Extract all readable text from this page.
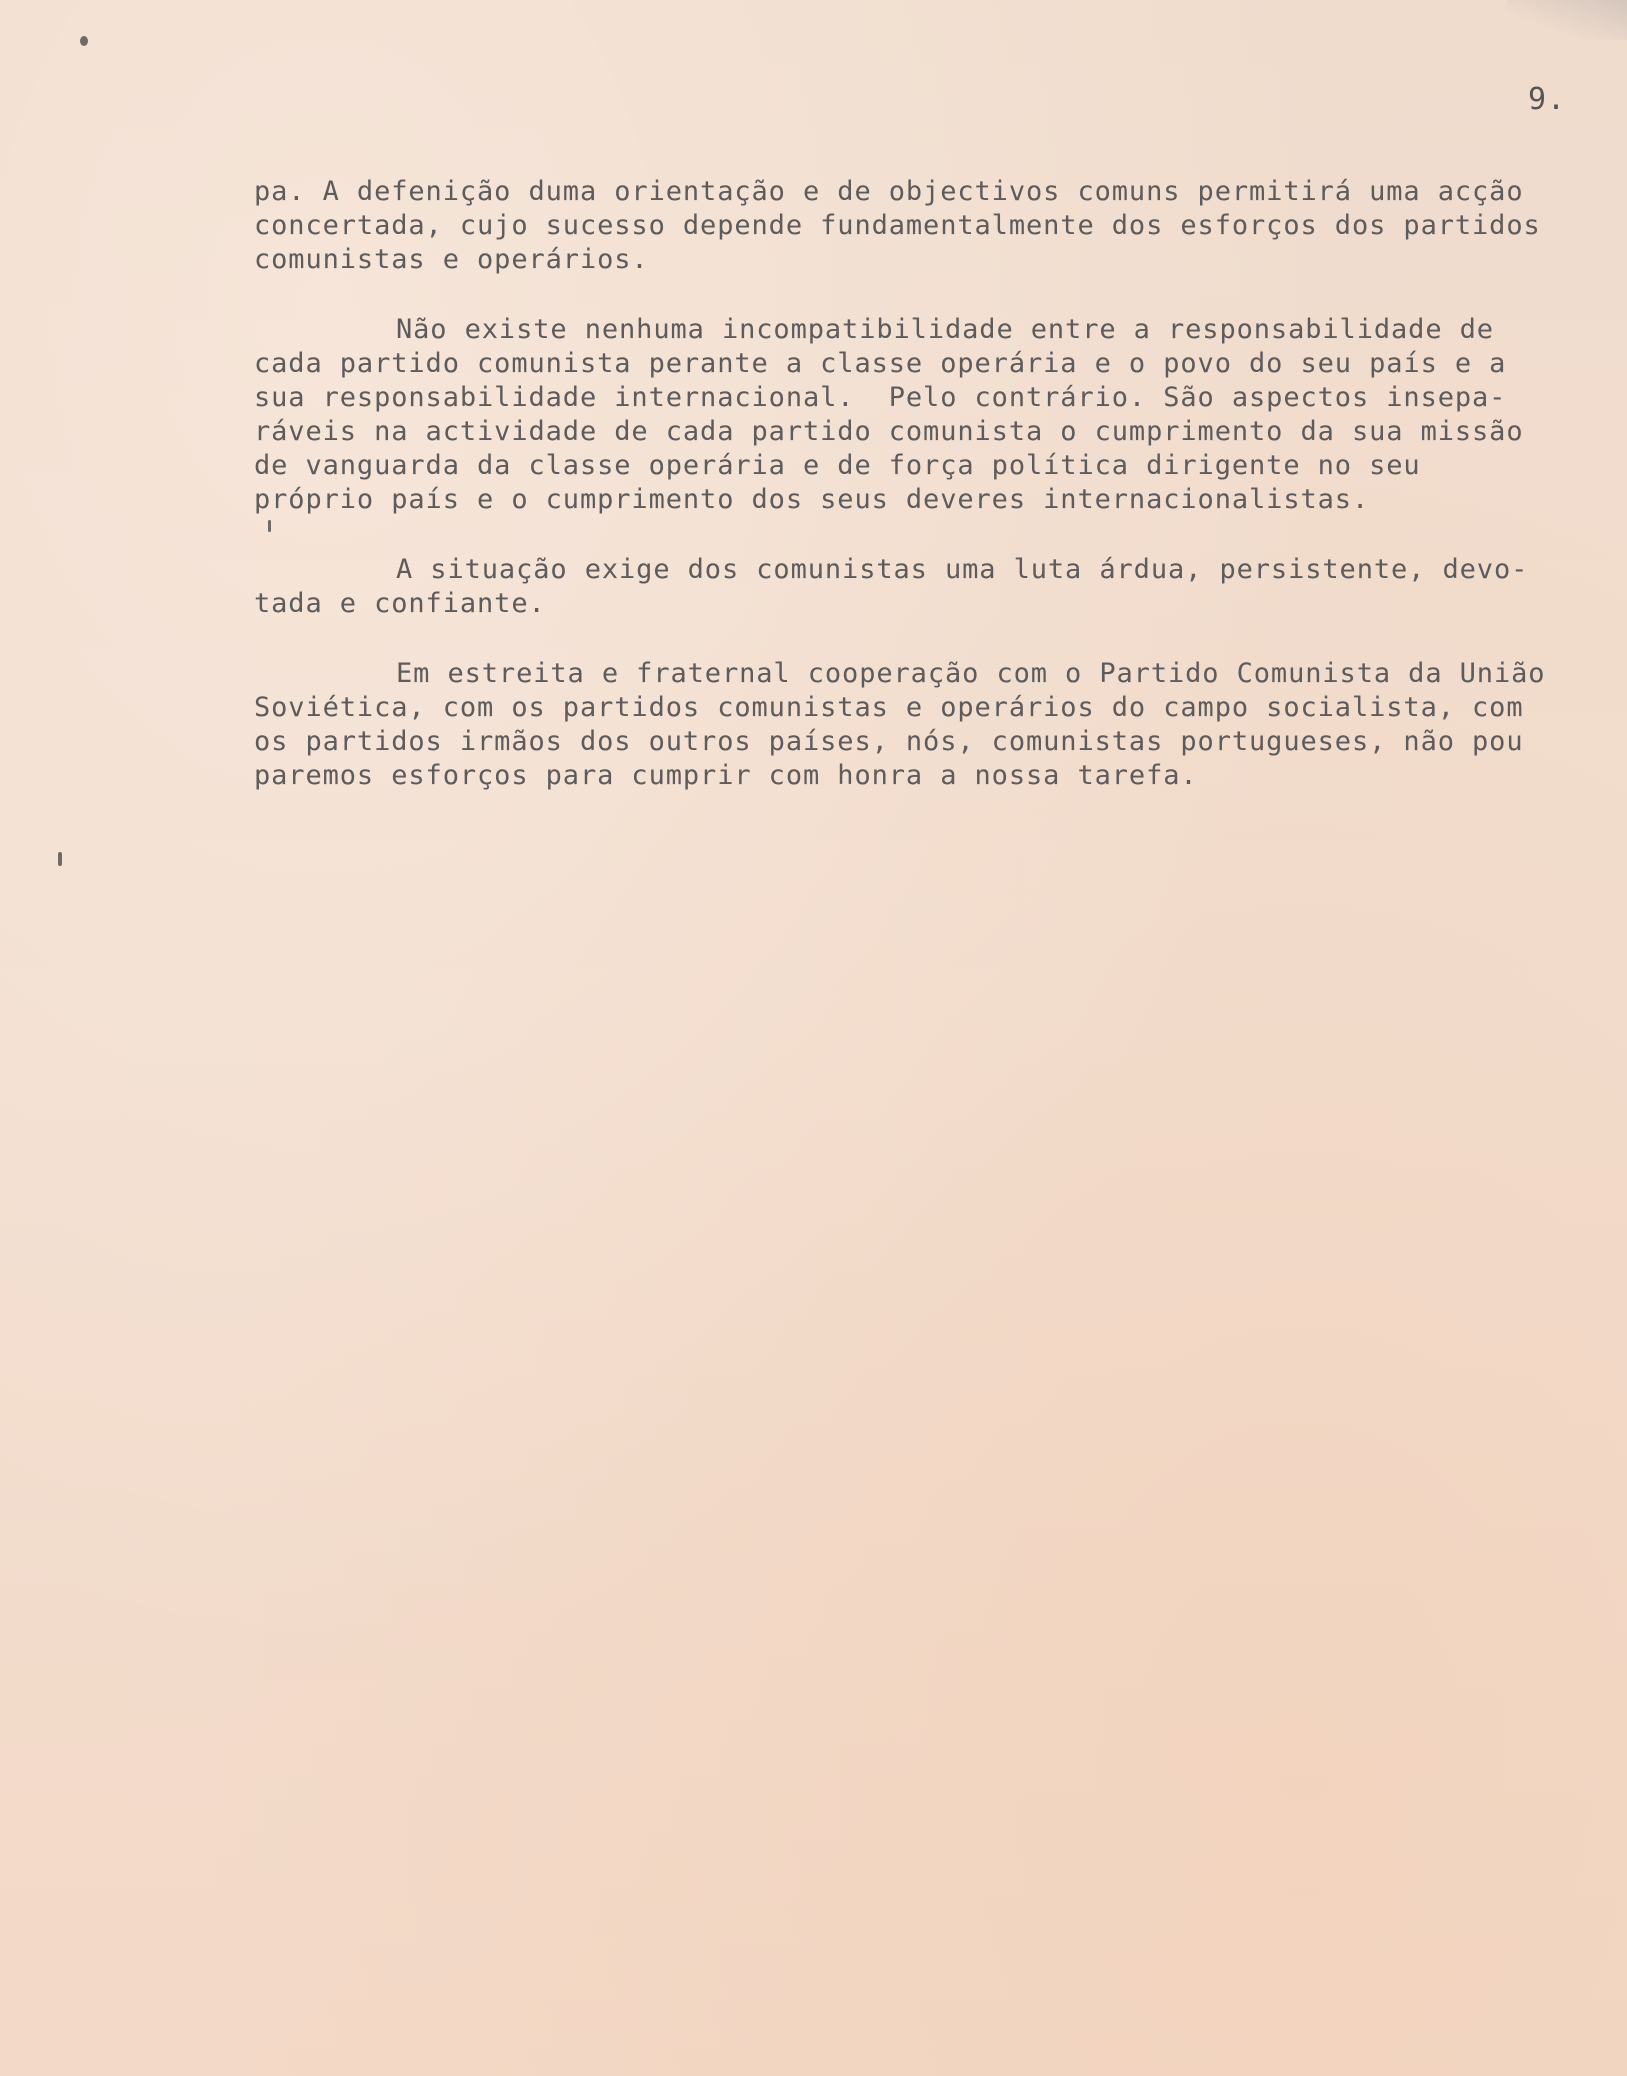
9.
pa. A defenição duma orientação e de objectivos comuns permitirá uma acção
concertada, cujo sucesso depende fundamentalmente dos esforços dos partidos
comunistas e operários.
Não existe nenhuma incompatibilidade entre a responsabilidade de
cada partido comunista perante a classe operária e o povo do seu país e a
sua responsabilidade internacional.  Pelo contrário. São aspectos insepa-
ráveis na actividade de cada partido comunista o cumprimento da sua missão
de vanguarda da classe operária e de força política dirigente no seu
próprio país e o cumprimento dos seus deveres internacionalistas.
A situação exige dos comunistas uma luta árdua, persistente, devo-
tada e confiante.
Em estreita e fraternal cooperação com o Partido Comunista da União
Soviética, com os partidos comunistas e operários do campo socialista, com
os partidos irmãos dos outros países, nós, comunistas portugueses, não pou
paremos esforços para cumprir com honra a nossa tarefa.
